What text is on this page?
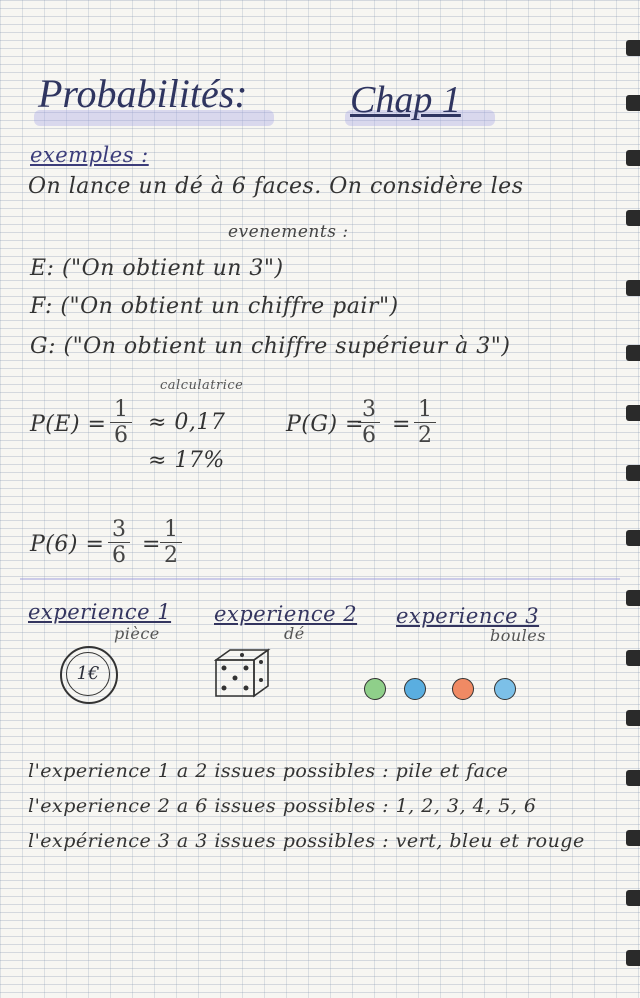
Probabilités:	Chap 1
exemples :
On lance un dé à 6 faces. On considère les
evenements :
E: ("On obtient un 3")
F: ("On obtient un chiffre pair")
G: ("On obtient un chiffre supérieur à 3")
calculatrice
$P(E) = \frac{1}{6} \approx 0,17$
≈ 17%
P(G) =
$\frac{3}{6} = \frac{1}{2}$
$P(6) = \frac{3}{6} = \frac{1}{2}$
experience 1
pièce
experience 2
dé
experience 3
boules
1€
l'experience 1 a 2 issues possibles : pile et face
l'experience 2 a 6 issues possibles : 1, 2, 3, 4, 5, 6
l'expérience 3 a 3 issues possibles : vert, bleu et rouge
